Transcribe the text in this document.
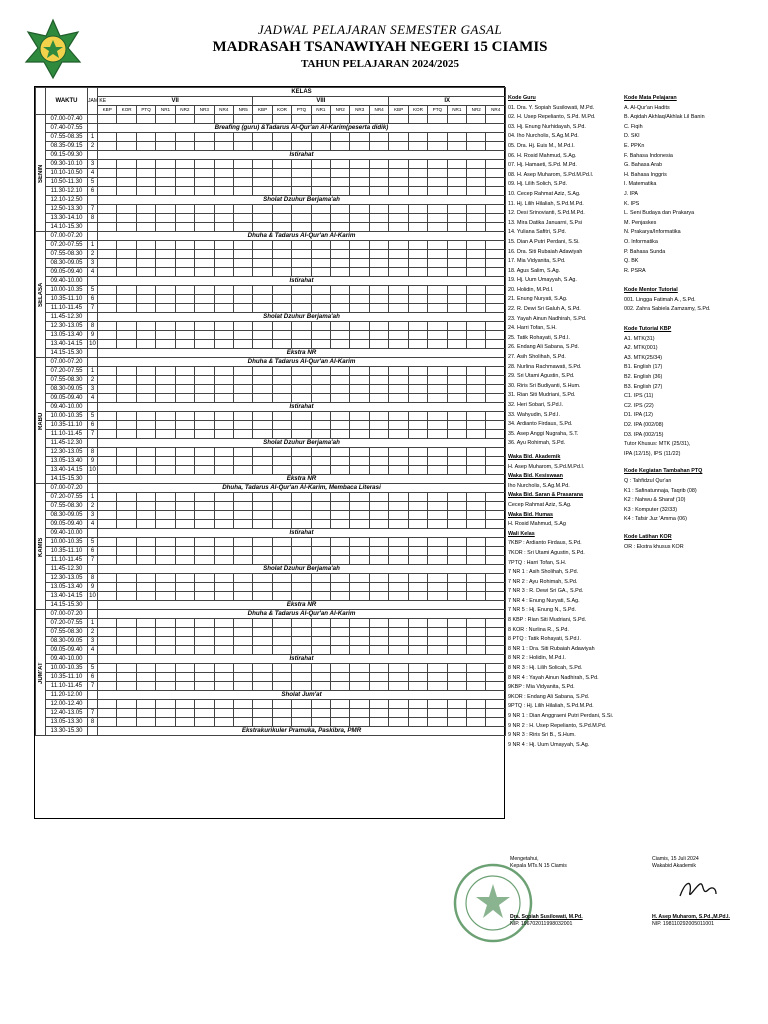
JADWAL PELAJARAN SEMESTER GASAL
MADRASAH TSANAWIYAH NEGERI 15 CIAMIS
TAHUN PELAJARAN 2024/2025
	WAKTU	JAM KE	KELAS																				
			VII								VIII							IX					
			KBP	KOR	PTQ	NR1	NR2	NR3	NR4	NR5	KBP	KOR	PTQ	NR1	NR2	NR3	NR4	KBP	KOR	PTQ	NR1	NR2	NR4
SENIN	07.00-07.40																						
	07.40-07.55		Breafing (guru) &Tadarus Al-Qur'an Al-Karim(peserta didik)																				
	07.55-08.35	1																					
	08.35-09.15	2																					
	09.15-09.30		Istirahat																				
	09.30-10.10	3																					
	10.10-10.50	4																					
	10.50-11.30	5																					
	11.30-12.10	6																					
	12.10-12.50		Sholat Dzuhur Berjama'ah																				
	12.50-13.30	7																					
	13.30-14.10	8																					
	14.10-15.30																						
SELASA	07.00-07.20		Dhuha & Tadarus Al-Qur'an Al-Karim																				
	07.20-07.55	1																					
	07.55-08.30	2																					
	08.30-09.05	3																					
	09.05-09.40	4																					
	09.40-10.00		Istirahat																				
	10.00-10.35	5																					
	10.35-11.10	6																					
	11.10-11.45	7																					
	11.45-12.30		Sholat Dzuhur Berjama'ah																				
	12.30-13.05	8																					
	13.05-13.40	9																					
	13.40-14.15	10																					
	14.15-15.30		Ekstra NR																				
RABU	07.00-07.20		Dhuha & Tadarus Al-Qur'an Al-Karim																				
	07.20-07.55	1																					
	07.55-08.30	2																					
	08.30-09.05	3																					
	09.05-09.40	4																					
	09.40-10.00		Istirahat																				
	10.00-10.35	5																					
	10.35-11.10	6																					
	11.10-11.45	7																					
	11.45-12.30		Sholat Dzuhur Berjama'ah																				
	12.30-13.05	8																					
	13.05-13.40	9																					
	13.40-14.15	10																					
	14.15-15.30		Ekstra NR																				
KAMIS	07.00-07.20		Dhuha, Tadarus Al-Qur'an Al-Karim, Membaca Literasi																				
	07.20-07.55	1																					
	07.55-08.30	2																					
	08.30-09.05	3																					
	09.05-09.40	4																					
	09.40-10.00		Istirahat																				
	10.00-10.35	5																					
	10.35-11.10	6																					
	11.10-11.45	7																					
	11.45-12.30		Sholat Dzuhur Berjama'ah																				
	12.30-13.05	8																					
	13.05-13.40	9																					
	13.40-14.15	10																					
	14.15-15.30		Ekstra NR																				
JUM'AT	07.00-07.20		Dhuha & Tadarus Al-Qur'an Al-Karim																				
	07.20-07.55	1																					
	07.55-08.30	2																					
	08.30-09.05	3																					
	09.05-09.40	4																					
	09.40-10.00		Istirahat																				
	10.00-10.35	5																					
	10.35-11.10	6																					
	11.10-11.45	7																					
	11.20-12.00		Sholat Jum'at																				
	12.00-12.40																						
	12.40-13.05	7																					
	13.05-13.30	8																					
	13.30-15.30		Ekstrakurikuler Pramuka, Paskibra, PMR																				
Kode Guru
01. Dra. Y. Sopiah Susilowati, M.Pd.
02. H. Usep Repelianto, S.Pd. M.Pd.
03. Hj. Enung Nurhidayah, S.Pd.
04. Iho Nurcholis, S.Ag.M.Pd.
05. Dra. Hj. Euis M., M.Pd.I.
06. H. Rosid Mahmud, S.Ag.
07. Hj. Hamaeti, S.Pd. M.Pd.
08. H. Asep Muharom, S.Pd.M.Pd.I.
09. Hj. Lilih Solich, S.Pd.
10. Cecep Rahmat Aziz, S.Ag.
11. Hj. Lilih Hilaliah, S.Pd.M.Pd.
12. Desi Srinovianti, S.Pd.M.Pd.
13. Mira Datika Januarni, S.Psi
14. Yuliana Safitri, S.Pd.
15. Dian A Putri Perdani, S.Si.
16. Dra. Siti Rubaiah Adawiyah
17. Mia Vidyanita, S.Pd.
18. Agus Salim, S.Ag.
19. Hj. Uum Umayyah, S.Ag.
20. Holidin, M.Pd.I.
21. Enung Nuryati, S.Ag.
22. R. Dewi Sri Galuh A, S.Pd.
23. Yayah Ainun Nadhirah, S.Pd.
24. Harri Tofan, S.H.
25. Tatik Rohayati, S.Pd.I.
26. Endang Ali Sabana, S.Pd.
27. Asih Sholihah, S.Pd.
28. Nurlina Rachmawati, S.Pd.
29. Sri Utami Agustin, S.Pd.
30. Riris Sri Budiyanti, S.Hum.
31. Rian Siti Mudriani, S.Pd.
32. Heri Sobari, S.Pd.I.
33. Wahyudin, S.Pd.I.
34. Ardianto Firdaus, S.Pd.
35. Asep Anggi Nugraha, S.T.
36. Ayu Rohimah, S.Pd.
Waka Bid. Akademik
H. Asep Muharom, S.Pd.M.Pd.I.
Waka Bid. Kesiswaan
Iho Nurcholis, S.Ag.M.Pd.
Waka Bid. Saran & Prasarana
Cecep Rahmat Aziz, S.Ag.
Waka Bid. Humas
H. Rosid Mahmud, S.Ag
Wali Kelas
7KBP : Ardianto Firdaus, S.Pd.
7KOR : Sri Utami Agustin, S.Pd.
7PTQ : Harri Tofan, S.H.
7 NR 1 : Asih Sholihah, S.Pd.
7 NR 2 : Ayu Rohimah, S.Pd.
7 NR 3 : R. Dewi Sri GA., S.Pd.
7 NR 4 : Enung Nuryati, S.Ag.
7 NR 5 : Hj. Enung N., S.Pd.
8 KBP : Rian Siti Mudriani, S.Pd.
8 KOR : Nurlina R., S.Pd.
8 PTQ : Tatik Rohayati, S.Pd.I.
8 NR 1 : Dra. Siti Rubaiah Adawiyah
8 NR 2 : Holidin, M.Pd.I.
8 NR 3 : Hj. Lilih Solicah, S.Pd.
8 NR 4 : Yayah Ainun Nadhirah, S.Pd.
9KBP : Mia Vidyanita, S.Pd.
9KOR : Endang Ali Sabana, S.Pd.
9PTQ : Hj. Lilih Hilaliah, S.Pd.M.Pd.
9 NR 1 : Dian Anggraeni Putri Perdani, S.Si.
9 NR 2 : H. Usep Repelianto, S.Pd.M.Pd.
9 NR 3 : Riris Sri B., S.Hum.
9 NR 4 : Hj. Uum Umayyah, S.Ag.
Kode Mata Pelajaran
A. Al-Qur'an Hadits
B. Aqidah Akhlaq/Akhlak Lil Banin
C. Fiqih
D. SKI
E. PPKn
F. Bahasa Indonesia
G. Bahasa Arab
H. Bahasa Inggris
I. Matematika
J. IPA
K. IPS
L. Seni Budaya dan Prakarya
M. Penjaskes
N. Prakarya/Informatika
O. Informatika
P. Bahasa Sunda
Q. BK
R. PSRA
Kode Mentor Tutorial
001. Lingga Fatimah A., S.Pd.
002. Zahra Sabiela Zamzamy, S.Pd.
Kode Tutorial KBP
A1. MTK(31)
A2. MTK(001)
A3. MTK(25/34)
B1. English (17)
B2. English (36)
B3. English (27)
C1. IPS (11)
C2. IPS (22)
D1. IPA (12)
D2. IPA (002/08)
D3. IPA (002/15)
Tutor Khusus: MTK (25/31),
IPA (12/15), IPS (11/22)
Kode Kegiatan Tambahan PTQ
Q : Tahfidzul Qur'an
K1 : Safinatunnaja, Taqrib (08)
K2 : Nahwu & Sharaf (10)
K3 : Komputer (32/33)
K4 : Tafsir Juz 'Amma (06)
Kode Latihan KOR
OR : Ekstra khusus KOR
Mengetahui,
Kepala MTs.N 15 Ciamis
Dra. Sopiah Susilowati, M.Pd.
NIP. 196702011998032001
Ciamis, 15 Juli 2024
Wakabid Akademik
H. Asep Muharom, S.Pd.,M.Pd.I.
NIP. 198110292005011001
